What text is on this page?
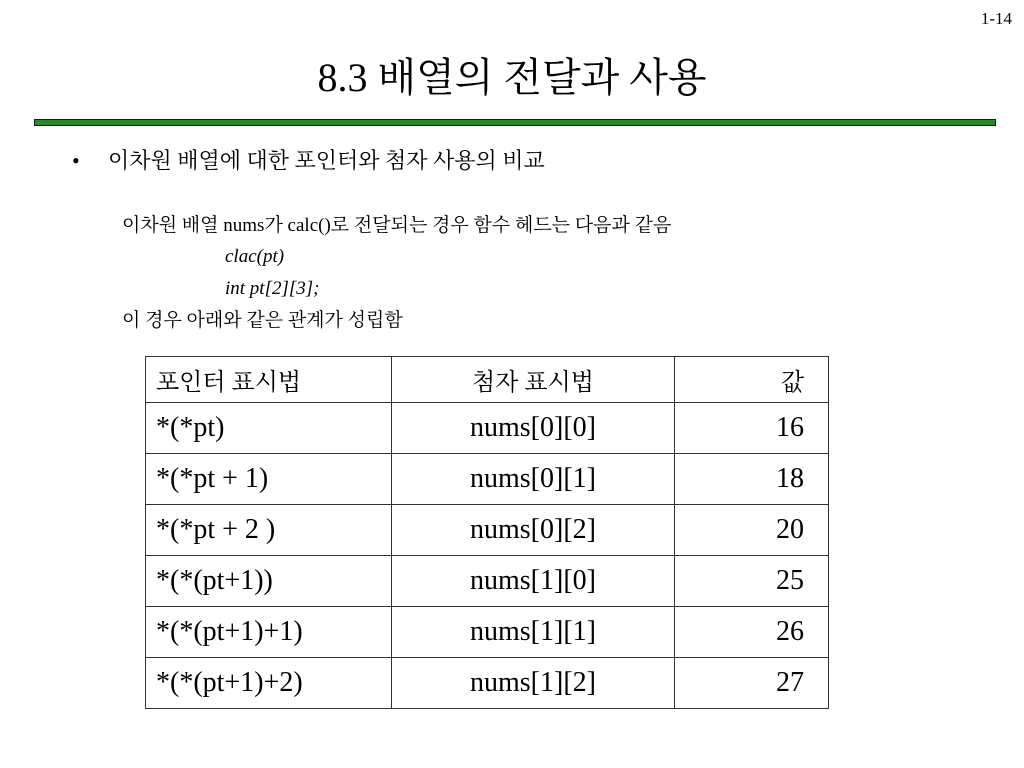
1-14
8.3 배열의 전달과 사용
•	이차원 배열에 대한 포인터와 첨자 사용의 비교
이차원 배열 nums가 calc()로 전달되는 경우 함수 헤드는 다음과 같음
clac(pt)
int pt[2][3];
이 경우 아래와 같은 관계가 성립함
포인터 표시법	첨자 표시법	값
*(*pt)	nums[0][0]	16
*(*pt + 1)	nums[0][1]	18
*(*pt + 2 )	nums[0][2]	20
*(*(pt+1))	nums[1][0]	25
*(*(pt+1)+1)	nums[1][1]	26
*(*(pt+1)+2)	nums[1][2]	27
